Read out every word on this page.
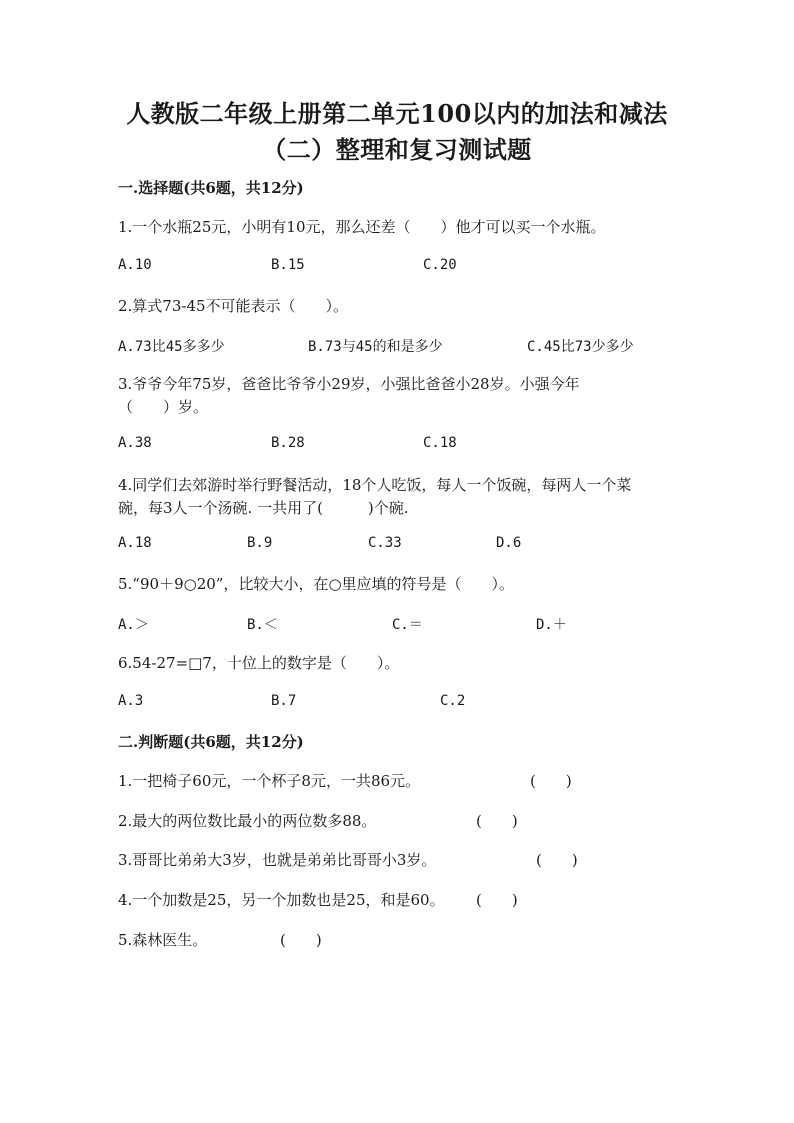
人教版二年级上册第二单元100以内的加法和减法
（二）整理和复习测试题
一.选择题(共6题，共12分)
1.一个水瓶25元，小明有10元，那么还差（　　）他才可以买一个水瓶。
A.10	B.15	C.20
2.算式73-45不可能表示（　　）。
A.73比45多多少	B.73与45的和是多少	C.45比73少多少
3.爷爷今年75岁，爸爸比爷爷小29岁，小强比爸爸小28岁。小强今年
（　　）岁。
A.38	B.28	C.18
4.同学们去郊游时举行野餐活动，18个人吃饭，每人一个饭碗，每两人一个菜
碗，每3人一个汤碗. 一共用了(　　　)个碗.
A.18	B.9	C.33	D.6
5.“90＋9○20”，比较大小，在○里应填的符号是（　　）。
A.＞	B.＜	C.＝	D.＋
6.54-27=□7，十位上的数字是（　　）。
A.3	B.7	C.2
二.判断题(共6题，共12分)
1.一把椅子60元，一个杯子8元，一共86元。	(　　)
2.最大的两位数比最小的两位数多88。	(　　)
3.哥哥比弟弟大3岁，也就是弟弟比哥哥小3岁。	(　　)
4.一个加数是25，另一个加数也是25，和是60。 (　　)
5.森林医生。	(　　)
